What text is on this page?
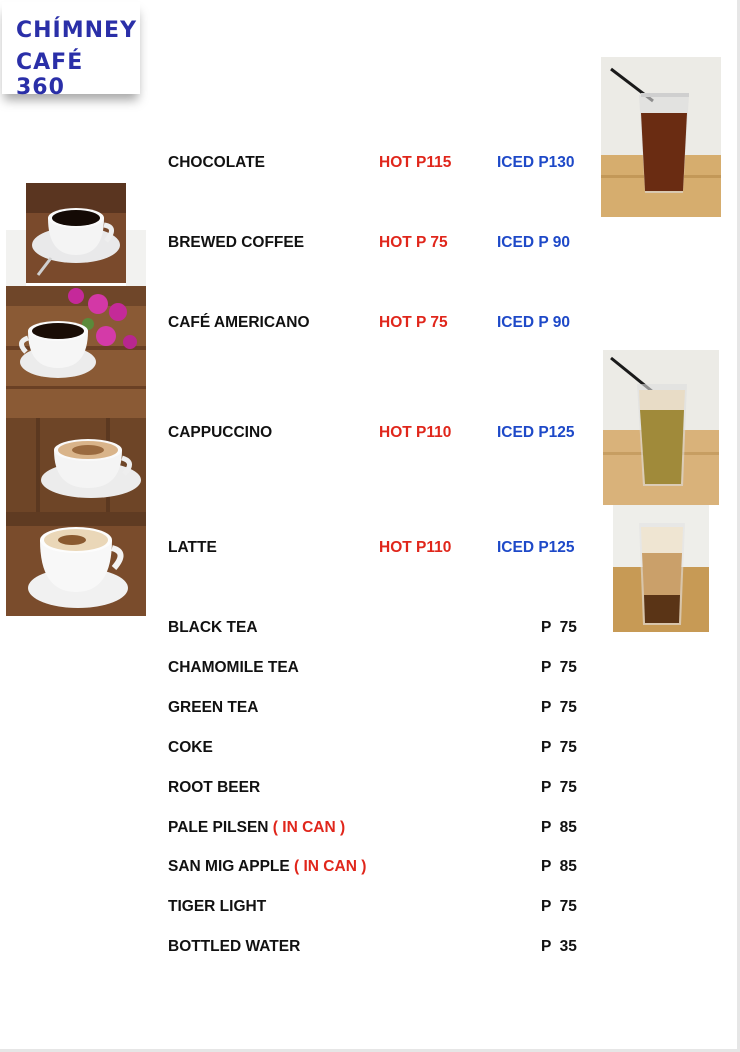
CHÍMNEY
CAFÉ 360
CHOCOLATE	HOT P115	ICED P130
BREWED COFFEE	HOT P 75	ICED P 90
CAFÉ AMERICANO	HOT P 75	ICED P 90
CAPPUCCINO	HOT P110	ICED P125
LATTE	HOT P110	ICED P125
BLACK TEA	P  75
CHAMOMILE TEA	P  75
GREEN TEA	P  75
COKE	P  75
ROOT BEER	P  75
PALE PILSEN ( IN CAN )	P  85
SAN MIG APPLE ( IN CAN )	P  85
TIGER LIGHT	P  75
BOTTLED WATER	P  35
